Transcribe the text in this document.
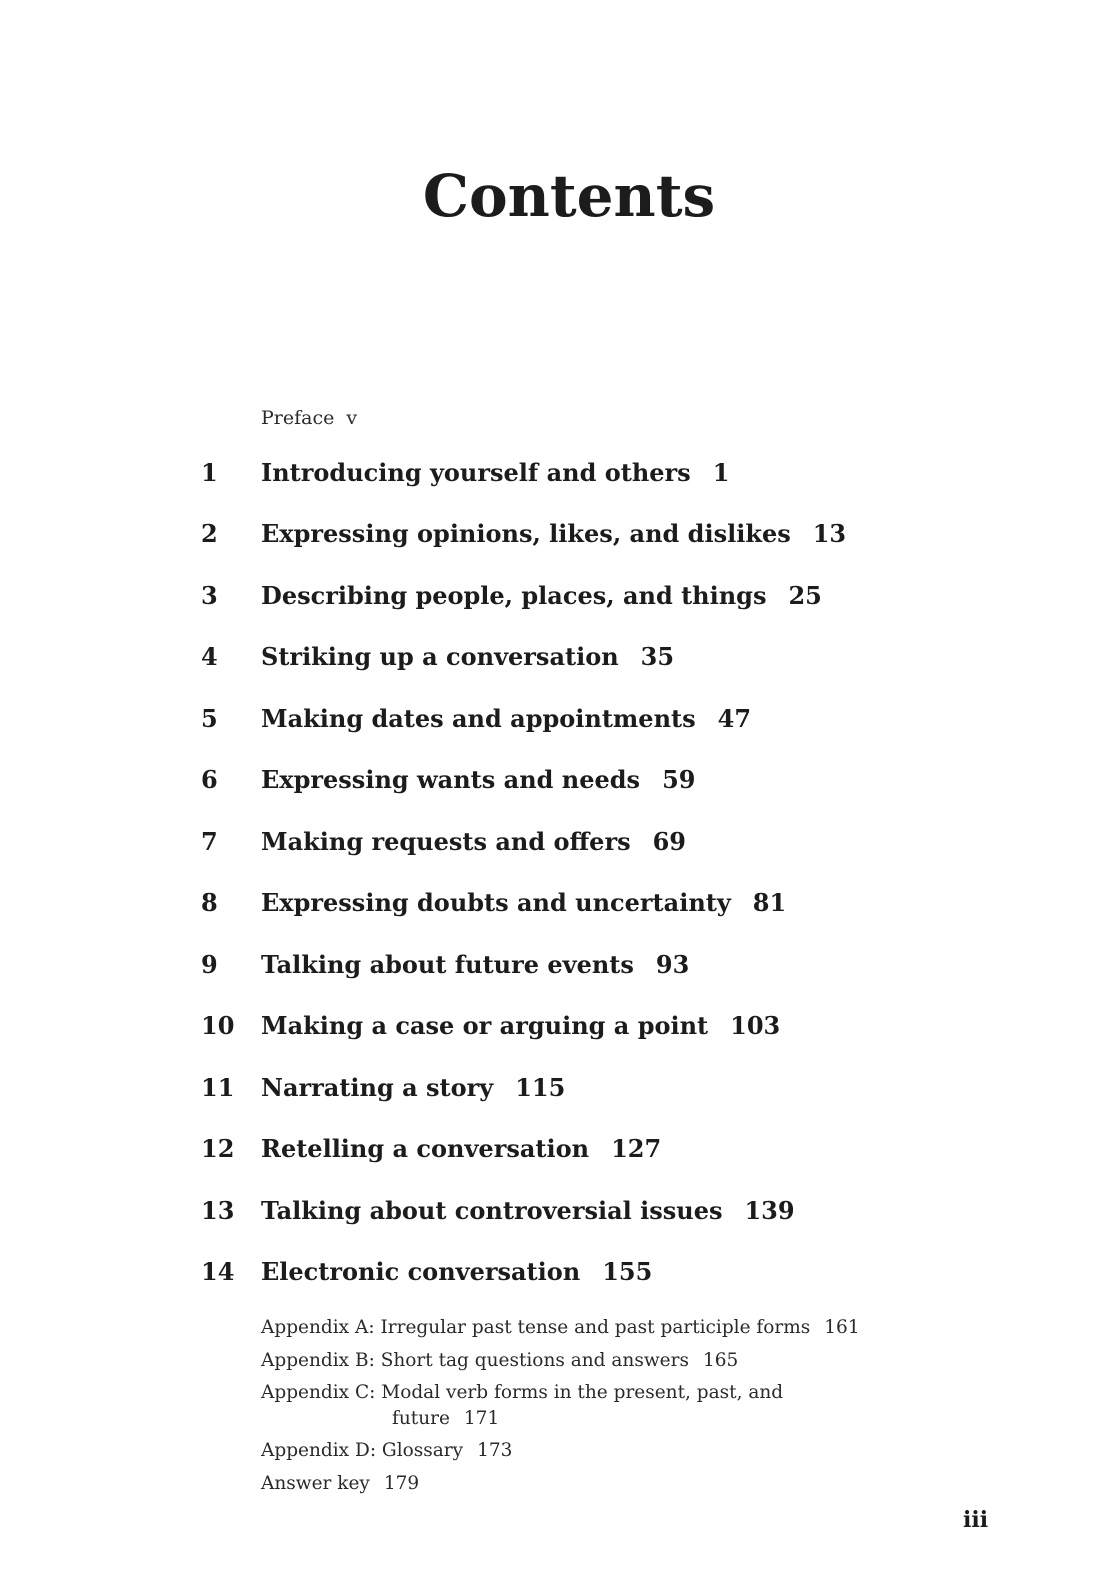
Contents
Preface v
1	Introducing yourself and others 1
2	Expressing opinions, likes, and dislikes 13
3	Describing people, places, and things 25
4	Striking up a conversation 35
5	Making dates and appointments 47
6	Expressing wants and needs 59
7	Making requests and offers 69
8	Expressing doubts and uncertainty 81
9	Talking about future events 93
10 Making a case or arguing a point 103
11 Narrating a story 115
12 Retelling a conversation 127
13 Talking about controversial issues 139
14 Electronic conversation 155
Appendix A: Irregular past tense and past participle forms 161
Appendix B: Short tag questions and answers 165
Appendix C: Modal verb forms in the present, past, and
future 171
Appendix D: Glossary 173
Answer key 179
iii
